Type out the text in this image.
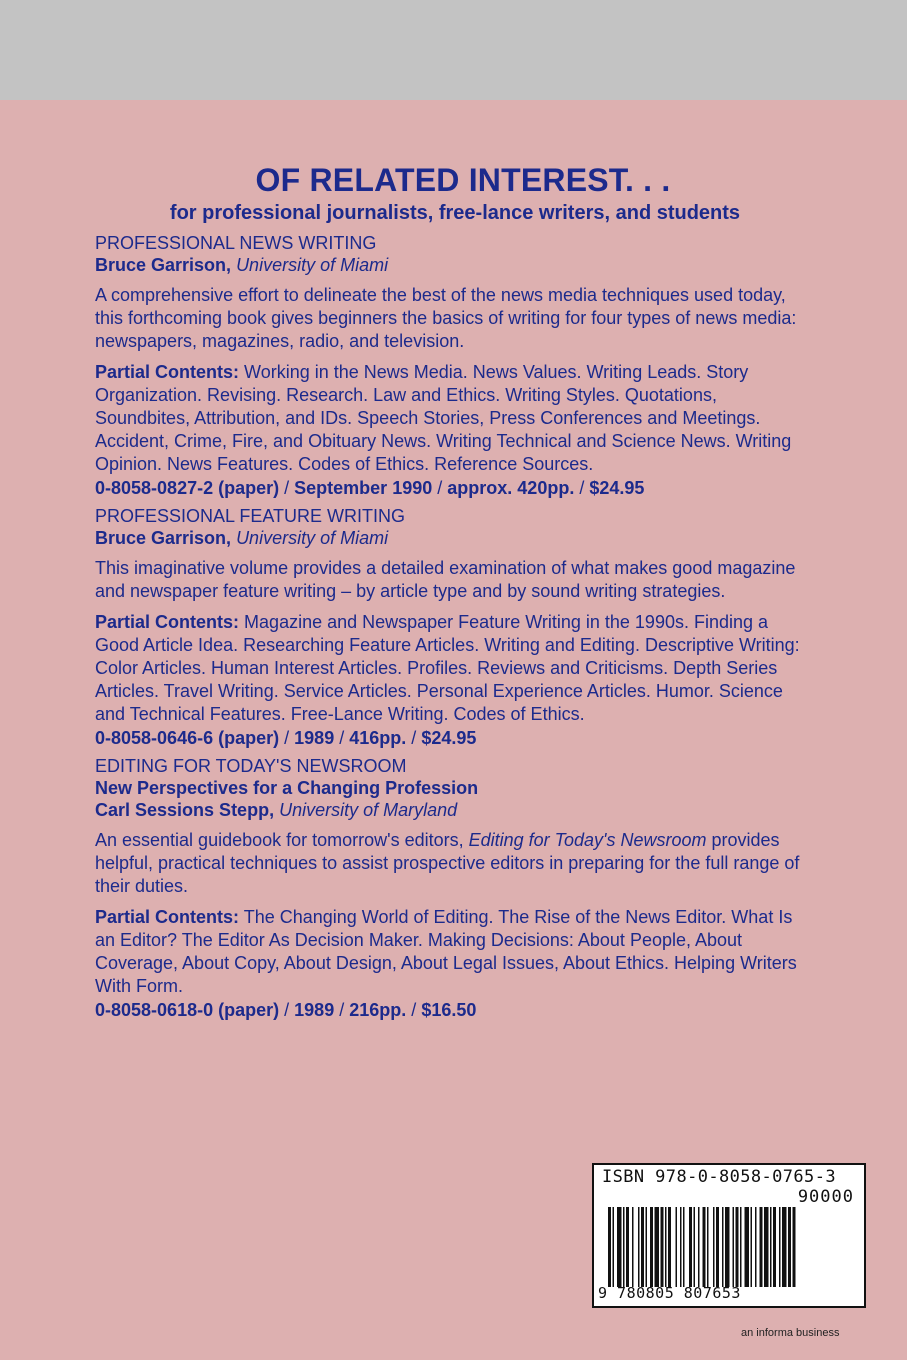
OF RELATED INTEREST. . .

for professional journalists, free-lance writers, and students

PROFESSIONAL NEWS WRITING

Bruce Garrison, University of Miami

A comprehensive effort to delineate the best of the news media techniques used today, this forthcoming book gives beginners the basics of writing for four types of news media: newspapers, magazines, radio, and television.

Partial Contents: Working in the News Media. News Values. Writing Leads. Story Organization. Revising. Research. Law and Ethics. Writing Styles. Quotations, Soundbites, Attribution, and IDs. Speech Stories, Press Conferences and Meetings. Accident, Crime, Fire, and Obituary News. Writing Technical and Science News. Writing Opinion. News Features. Codes of Ethics. Reference Sources.

0-8058-0827-2 (paper) / September 1990 / approx. 420pp. / $24.95

PROFESSIONAL FEATURE WRITING

Bruce Garrison, University of Miami

This imaginative volume provides a detailed examination of what makes good magazine and newspaper feature writing – by article type and by sound writing strategies.

Partial Contents: Magazine and Newspaper Feature Writing in the 1990s. Finding a Good Article Idea. Researching Feature Articles. Writing and Editing. Descriptive Writing: Color Articles. Human Interest Articles. Profiles. Reviews and Criticisms. Depth Series Articles. Travel Writing. Service Articles. Personal Experience Articles. Humor. Science and Technical Features. Free-Lance Writing. Codes of Ethics.

0-8058-0646-6 (paper) / 1989 / 416pp. / $24.95

EDITING FOR TODAY'S NEWSROOM

New Perspectives for a Changing Profession

Carl Sessions Stepp, University of Maryland

An essential guidebook for tomorrow's editors, Editing for Today's Newsroom provides helpful, practical techniques to assist prospective editors in preparing for the full range of their duties.

Partial Contents: The Changing World of Editing. The Rise of the News Editor. What Is an Editor? The Editor As Decision Maker. Making Decisions: About People, About Coverage, About Copy, About Design, About Legal Issues, About Ethics. Helping Writers With Form.

0-8058-0618-0 (paper) / 1989 / 216pp. / $16.50

ISBN 978-0-8058-0765-3
90000
9 780805 807653
an informa business
